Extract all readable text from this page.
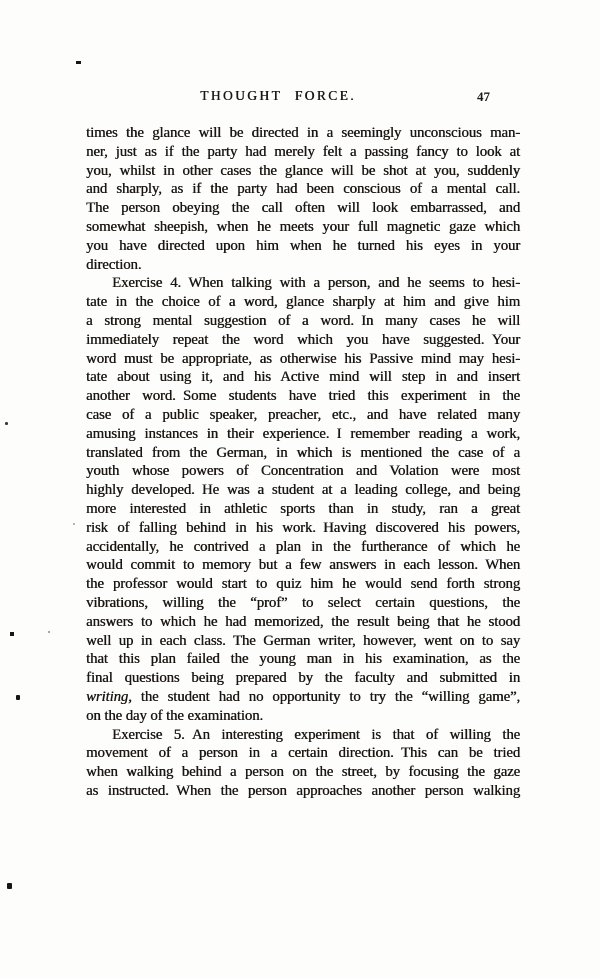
THOUGHT FORCE.	47
times the glance will be directed in a seemingly unconscious man-
ner, just as if the party had merely felt a passing fancy to look at
you, whilst in other cases the glance will be shot at you, suddenly
and sharply, as if the party had been conscious of a mental call.
The person obeying the call often will look embarrassed, and
somewhat sheepish, when he meets your full magnetic gaze which
you have directed upon him when he turned his eyes in your
direction.
Exercise 4. When talking with a person, and he seems to hesi-
tate in the choice of a word, glance sharply at him and give him
a strong mental suggestion of a word. In many cases he will
immediately repeat the word which you have suggested. Your
word must be appropriate, as otherwise his Passive mind may hesi-
tate about using it, and his Active mind will step in and insert
another word. Some students have tried this experiment in the
case of a public speaker, preacher, etc., and have related many
amusing instances in their experience. I remember reading a work,
translated from the German, in which is mentioned the case of a
youth whose powers of Concentration and Volation were most
highly developed. He was a student at a leading college, and being
more interested in athletic sports than in study, ran a great
risk of falling behind in his work. Having discovered his powers,
accidentally, he contrived a plan in the furtherance of which he
would commit to memory but a few answers in each lesson. When
the professor would start to quiz him he would send forth strong
vibrations, willing the “prof” to select certain questions, the
answers to which he had memorized, the result being that he stood
well up in each class. The German writer, however, went on to say
that this plan failed the young man in his examination, as the
final questions being prepared by the faculty and submitted in
writing, the student had no opportunity to try the “willing game”,
on the day of the examination.
Exercise 5. An interesting experiment is that of willing the
movement of a person in a certain direction. This can be tried
when walking behind a person on the street, by focusing the gaze
as instructed. When the person approaches another person walking
